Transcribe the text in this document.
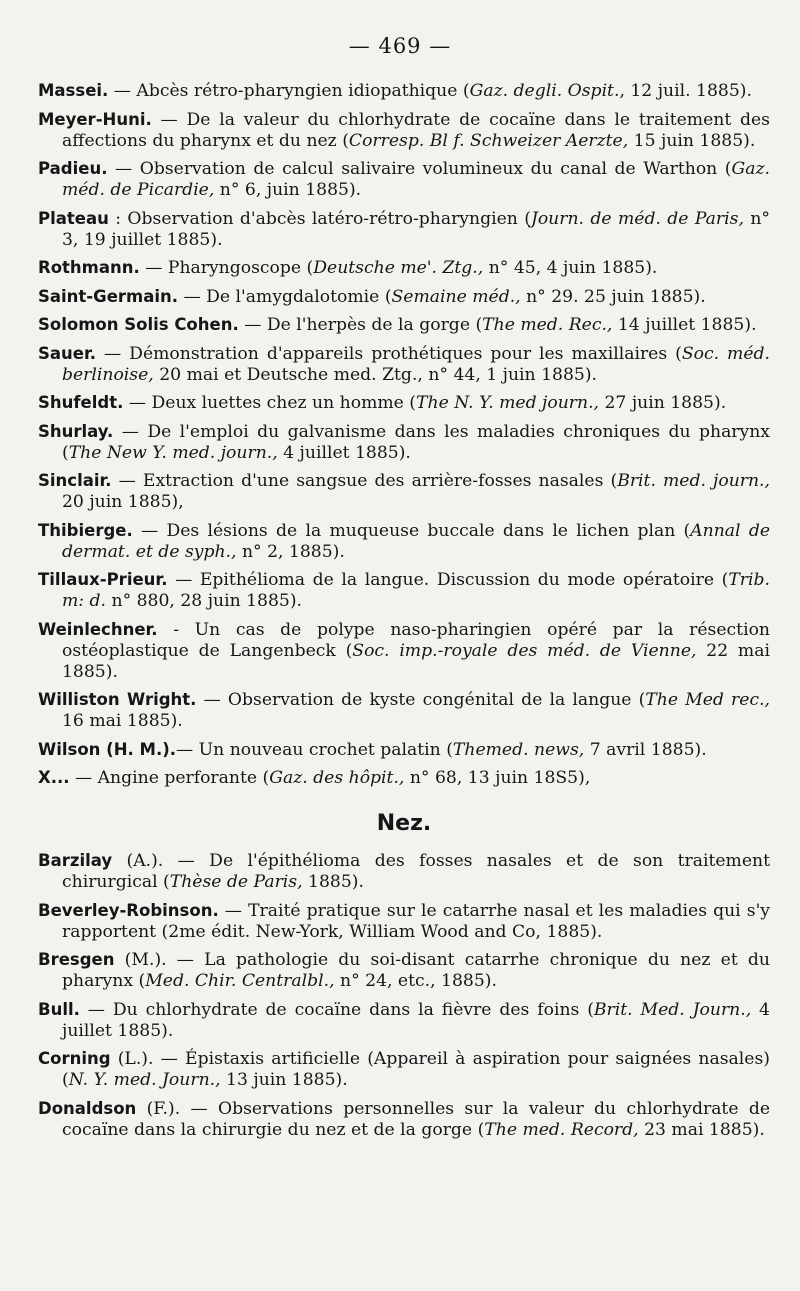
— 469 —
Massei. — Abcès rétro-pharyngien idiopathique (Gaz. degli. Ospit., 12 juil. 1885).
Meyer-Huni. — De la valeur du chlorhydrate de cocaïne dans le traitement des affections du pharynx et du nez (Corresp. Bl f. Schweizer Aerzte, 15 juin 1885).
Padieu. — Observation de calcul salivaire volumineux du canal de Warthon (Gaz. méd. de Picardie, n° 6, juin 1885).
Plateau : Observation d'abcès latéro-rétro-pharyngien (Journ. de méd. de Paris, n° 3, 19 juillet 1885).
Rothmann. — Pharyngoscope (Deutsche me'. Ztg., n° 45, 4 juin 1885).
Saint-Germain. — De l'amygdalotomie (Semaine méd., n° 29. 25 juin 1885).
Solomon Solis Cohen. — De l'herpès de la gorge (The med. Rec., 14 juillet 1885).
Sauer. — Démonstration d'appareils prothétiques pour les maxillaires (Soc. méd. berlinoise, 20 mai et Deutsche med. Ztg., n° 44, 1 juin 1885).
Shufeldt. — Deux luettes chez un homme (The N. Y. med journ., 27 juin 1885).
Shurlay. — De l'emploi du galvanisme dans les maladies chroniques du pharynx (The New Y. med. journ., 4 juillet 1885).
Sinclair. — Extraction d'une sangsue des arrière-fosses nasales (Brit. med. journ., 20 juin 1885),
Thibierge. — Des lésions de la muqueuse buccale dans le lichen plan (Annal de dermat. et de syph., n° 2, 1885).
Tillaux-Prieur. — Epithélioma de la langue. Discussion du mode opératoire (Trib. m: d. n° 880, 28 juin 1885).
Weinlechner. - Un cas de polype naso-pharingien opéré par la résection ostéoplastique de Langenbeck (Soc. imp.-royale des méd. de Vienne, 22 mai 1885).
Williston Wright. — Observation de kyste congénital de la langue (The Med rec., 16 mai 1885).
Wilson (H. M.).— Un nouveau crochet palatin (Themed. news, 7 avril 1885).
X... — Angine perforante (Gaz. des hôpit., n° 68, 13 juin 18S5),
Nez.
Barzilay (A.). — De l'épithélioma des fosses nasales et de son traitement chirurgical (Thèse de Paris, 1885).
Beverley-Robinson. — Traité pratique sur le catarrhe nasal et les maladies qui s'y rapportent (2me édit. New-York, William Wood and Co, 1885).
Bresgen (M.). — La pathologie du soi-disant catarrhe chronique du nez et du pharynx (Med. Chir. Centralbl., n° 24, etc., 1885).
Bull. — Du chlorhydrate de cocaïne dans la fièvre des foins (Brit. Med. Journ., 4 juillet 1885).
Corning (L.). — Épistaxis artificielle (Appareil à aspiration pour saignées nasales) (N. Y. med. Journ., 13 juin 1885).
Donaldson (F.). — Observations personnelles sur la valeur du chlorhydrate de cocaïne dans la chirurgie du nez et de la gorge (The med. Record, 23 mai 1885).
